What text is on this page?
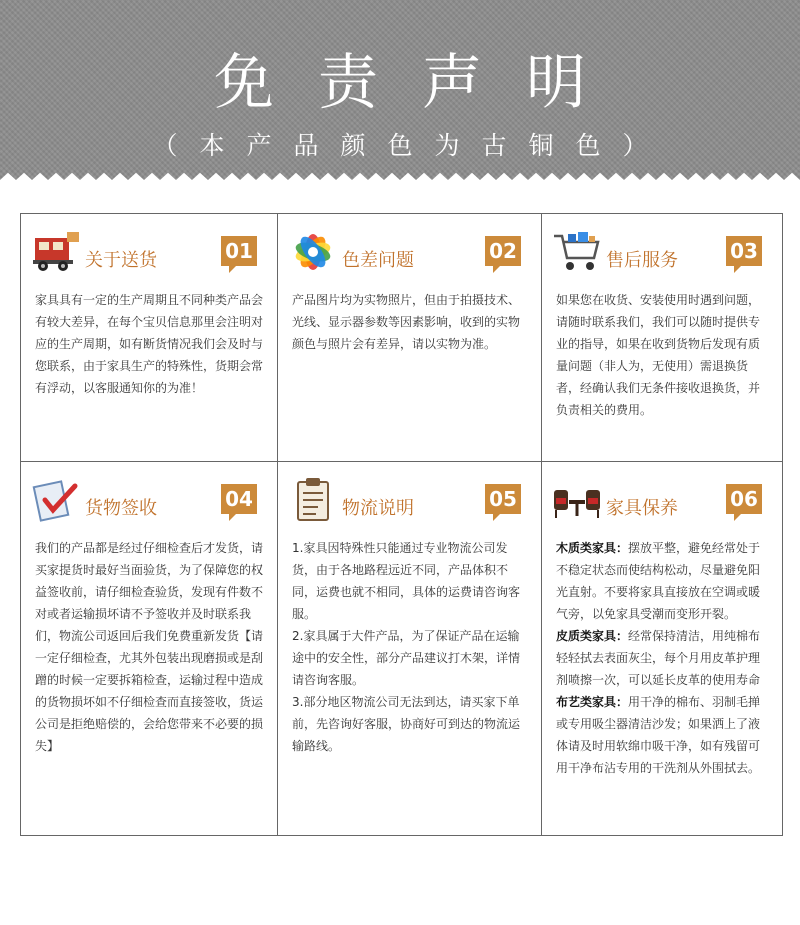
免责声明
（本产品颜色为古铜色）
关于送货	01

家具具有一定的生产周期且不同种类产品会有较大差异，在每个宝贝信息那里会注明对应的生产周期，如有断货情况我们会及时与您联系，由于家具生产的特殊性，货期会常有浮动，以客服通知你的为准！

色差问题	02

产品图片均为实物照片，但由于拍摄技术、光线、显示器参数等因素影响，收到的实物颜色与照片会有差异，请以实物为准。

售后服务	03

如果您在收货、安装使用时遇到问题，请随时联系我们，我们可以随时提供专业的指导，如果在收到货物后发现有质量问题（非人为，无使用）需退换货者，经确认我们无条件接收退换货，并负责相关的费用。

货物签收	04

我们的产品都是经过仔细检查后才发货，请买家提货时最好当面验货，为了保障您的权益签收前，请仔细检查验货，发现有件数不对或者运输损坏请不予签收并及时联系我们，物流公司返回后我们免费重新发货【请一定仔细检查，尤其外包装出现磨损或是刮蹭的时候一定要拆箱检查，运输过程中造成的货物损坏如不仔细检查而直接签收，货运公司是拒绝赔偿的，会给您带来不必要的损失】

物流说明	05

1.家具因特殊性只能通过专业物流公司发货，由于各地路程远近不同，产品体积不同，运费也就不相同，具体的运费请咨询客服。

2.家具属于大件产品，为了保证产品在运输途中的安全性，部分产品建议打木架，详情请咨询客服。

3.部分地区物流公司无法到达，请买家下单前，先咨询好客服，协商好可到达的物流运输路线。

家具保养	06

木质类家具：摆放平整，避免经常处于不稳定状态而使结构松动，尽量避免阳光直射。不要将家具直接放在空调或暖气旁，以免家具受潮而变形开裂。

皮质类家具：经常保持清洁，用纯棉布轻轻拭去表面灰尘，每个月用皮革护理剂喷擦一次，可以延长皮革的使用寿命

布艺类家具：用干净的棉布、羽制毛掸或专用吸尘器清洁沙发；如果洒上了液体请及时用软绵巾吸干净，如有残留可用干净布沾专用的干洗剂从外围拭去。
